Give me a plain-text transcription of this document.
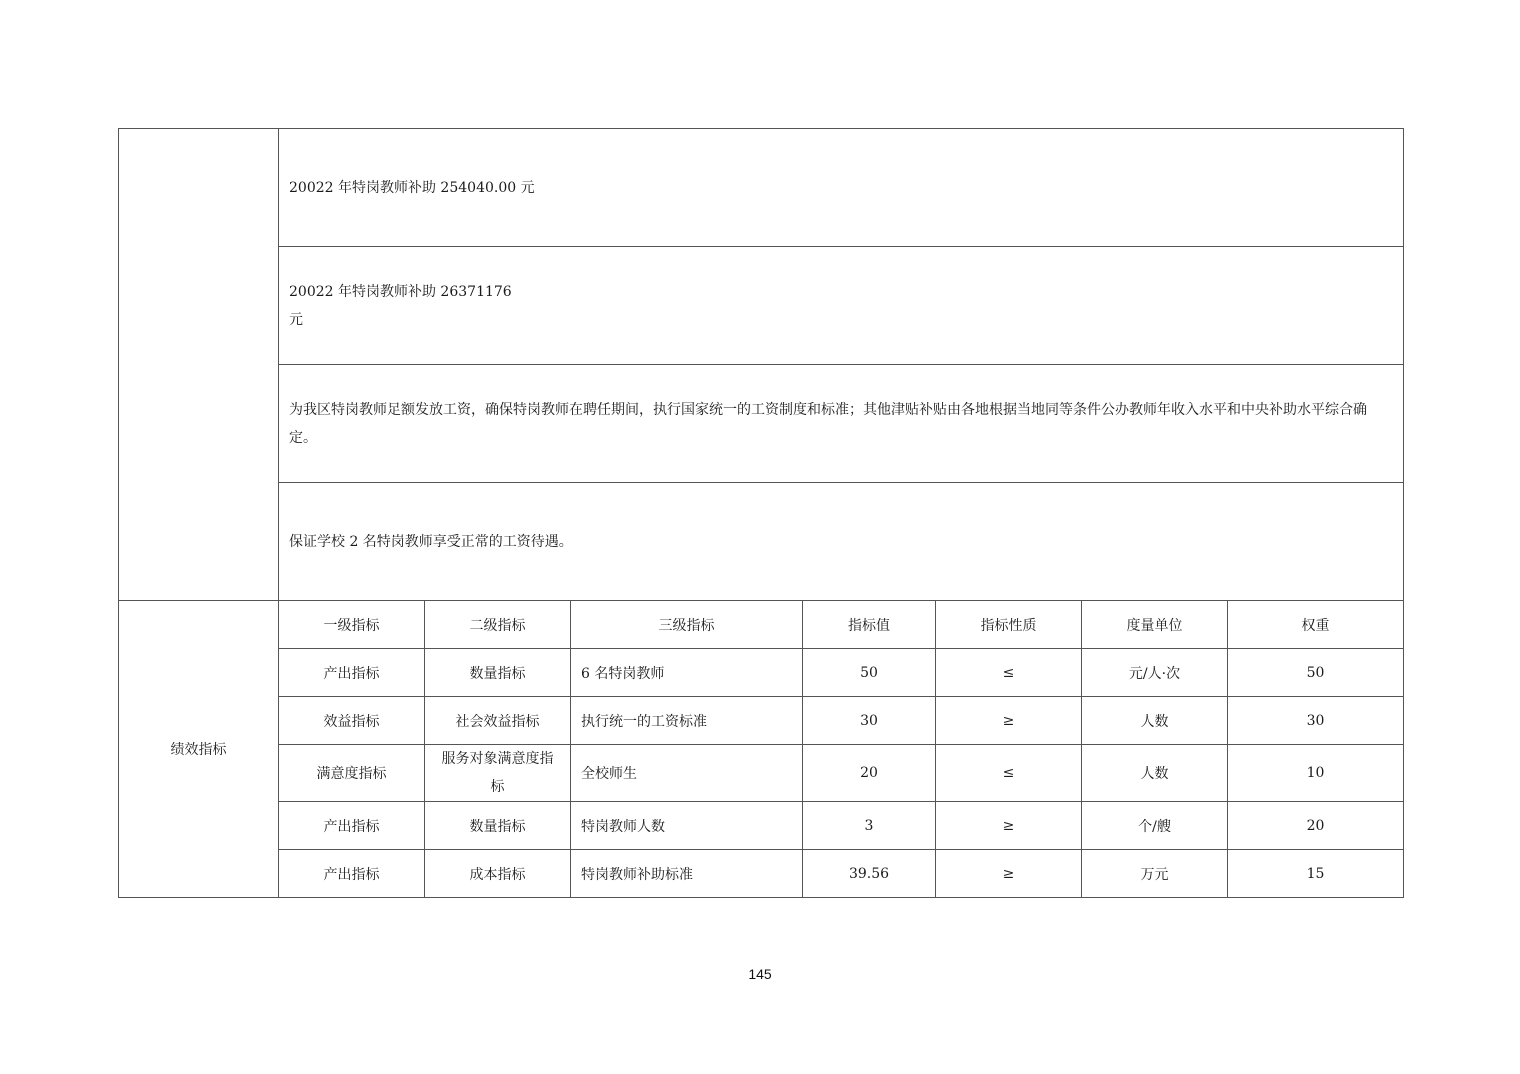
	20022 年特岗教师补助 254040.00 元						

	20022 年特岗教师补助 26371176
元						

	为我区特岗教师足额发放工资，确保特岗教师在聘任期间，执行国家统一的工资制度和标准；其他津贴补贴由各地根据当地同等条件公办教师年收入水平和中央补助水平综合确定。						
	保证学校 2 名特岗教师享受正常的工资待遇。						
绩效指标	一级指标	二级指标	三级指标	指标值	指标性质	度量单位	权重
	产出指标	数量指标	6 名特岗教师	50	≤	元/人·次	50
	效益指标	社会效益指标	执行统一的工资标准	30	≥	人数	30
	满意度指标	服务对象满意度指标	全校师生	20	≤	人数	10
	产出指标	数量指标	特岗教师人数	3	≥	个/艘	20
	产出指标	成本指标	特岗教师补助标准	39.56	≥	万元	15
145
